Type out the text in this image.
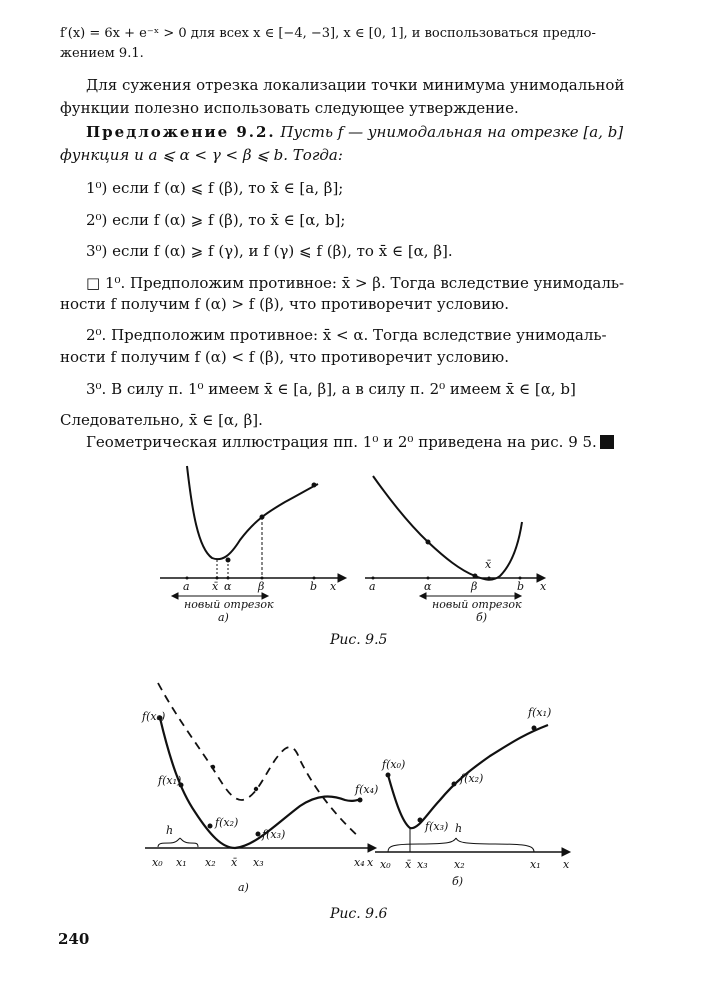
f′(x) = 6x + e⁻ˣ > 0 для всех x ∈ [−4, −3], x ∈ [0, 1], и воспользоваться предло-
жением 9.1.
Для сужения отрезка локализации точки минимума унимодальной
функции полезно использовать следующее утверждение.
Предложение 9.2. Пусть f — унимодальная на отрезке [a, b]
функция и a ⩽ α < γ < β ⩽ b. Тогда:
1⁰) если f (α) ⩽ f (β), то x̄ ∈ [a, β];
2⁰) если f (α) ⩾ f (β), то x̄ ∈ [α, b];
3⁰) если f (α) ⩾ f (γ), и f (γ) ⩽ f (β), то x̄ ∈ [α, β].
□ 1⁰. Предположим противное: x̄ > β. Тогда вследствие унимодаль-
ности f получим f (α) > f (β), что противоречит условию.
2⁰. Предположим противное: x̄ < α. Тогда вследствие унимодаль-
ности f получим f (α) < f (β), что противоречит условию.
3⁰. В силу п. 1⁰ имеем x̄ ∈ [a, β], а в силу п. 2⁰ имеем x̄ ∈ [α, b]
Следовательно, x̄ ∈ [α, β].
Геометрическая иллюстрация пп. 1⁰ и 2⁰ приведена на рис. 9 5.
a x̄ α β	b x
новый отрезок
а)
a	α	β
x̄
b x
новый отрезок
б)
Рис. 9.5
f(x₀)
f(x₁)
f(x₂)
f(x₃)
f(x₄)
h
x₀ x₁ x₂ x̄ x₃	x₄ x
а)
f(x₀)
f(x₃) h
f(x₂)
f(x₁)
x₀ x̄ x₃ x₂	x₁ x
б)
Рис. 9.6
240
